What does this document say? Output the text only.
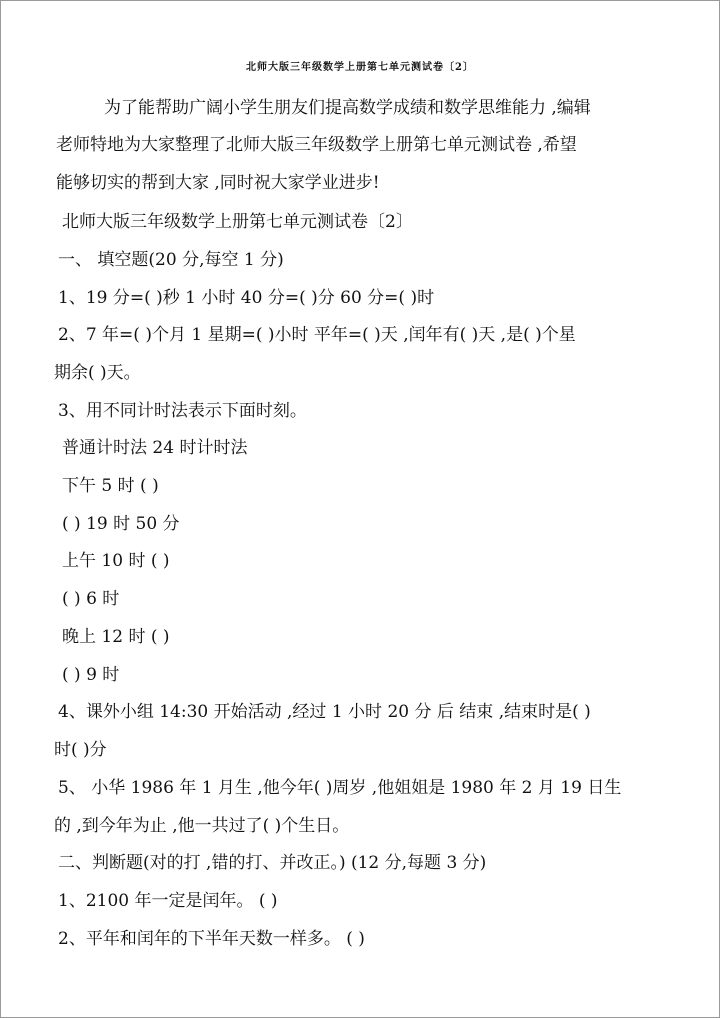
北师大版三年级数学上册第七单元测试卷〔2〕
为了能帮助广阔小学生朋友们提高数学成绩和数学思维能力 ,编辑
老师特地为大家整理了北师大版三年级数学上册第七单元测试卷 ,希望
能够切实的帮到大家 ,同时祝大家学业进步!
北师大版三年级数学上册第七单元测试卷〔2〕
一、 填空题(20 分,每空 1 分)
1、19 分=( )秒 1 小时 40 分=( )分 60 分=( )时
2、7 年=( )个月 1 星期=( )小时 平年=( )天 ,闰年有( )天 ,是( )个星
期余( )天。
3、用不同计时法表示下面时刻。
普通计时法 24 时计时法
下午 5 时 ( )
( ) 19 时 50 分
上午 10 时 ( )
( ) 6 时
晚上 12 时 ( )
( ) 9 时
4、课外小组 14:30 开始活动 ,经过 1 小时 20 分 后 结束 ,结束时是( )
时( )分
5、 小华 1986 年 1 月生 ,他今年( )周岁 ,他姐姐是 1980 年 2 月 19 日生
的 ,到今年为止 ,他一共过了( )个生日。
二、判断题(对的打 ,错的打、并改正。) (12 分,每题 3 分)
1、2100 年一定是闰年。 ( )
2、平年和闰年的下半年天数一样多。 ( )
